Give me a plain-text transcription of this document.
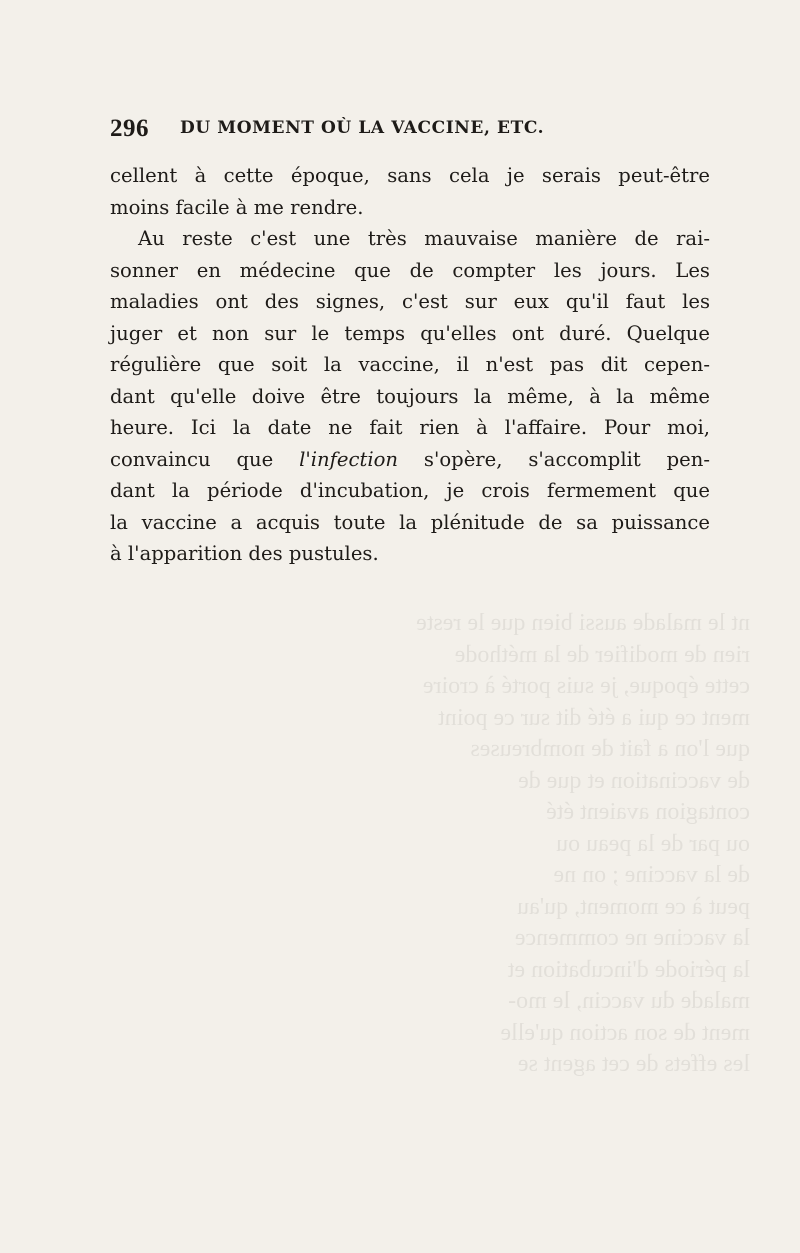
nt le malade aussi bien que le reste
rien de modifier de la méthode
cette époque, je suis porté à croire
ment ce qui a été dit sur ce point
que l'on a fait de nombreuses
de vaccination et que de
contagion avaient été
ou par de la peau ou
de la vaccine ; on ne
peut à ce moment, qu'au
la vaccine ne commence
la période d'incubation et
malade du vaccin, le mo-
ment de son action qu'elle
les effets de cet agent se
296 DU MOMENT OÙ LA VACCINE, ETC.
cellent à cette époque, sans cela je serais peut-être
moins facile à me rendre.
Au reste c'est une très mauvaise manière de rai-
sonner en médecine que de compter les jours. Les
maladies ont des signes, c'est sur eux qu'il faut les
juger et non sur le temps qu'elles ont duré. Quelque
régulière que soit la vaccine, il n'est pas dit cepen-
dant qu'elle doive être toujours la même, à la même
heure. Ici la date ne fait rien à l'affaire. Pour moi,
convaincu que l'infection s'opère, s'accomplit pen-
dant la période d'incubation, je crois fermement que
la vaccine a acquis toute la plénitude de sa puissance
à l'apparition des pustules.
